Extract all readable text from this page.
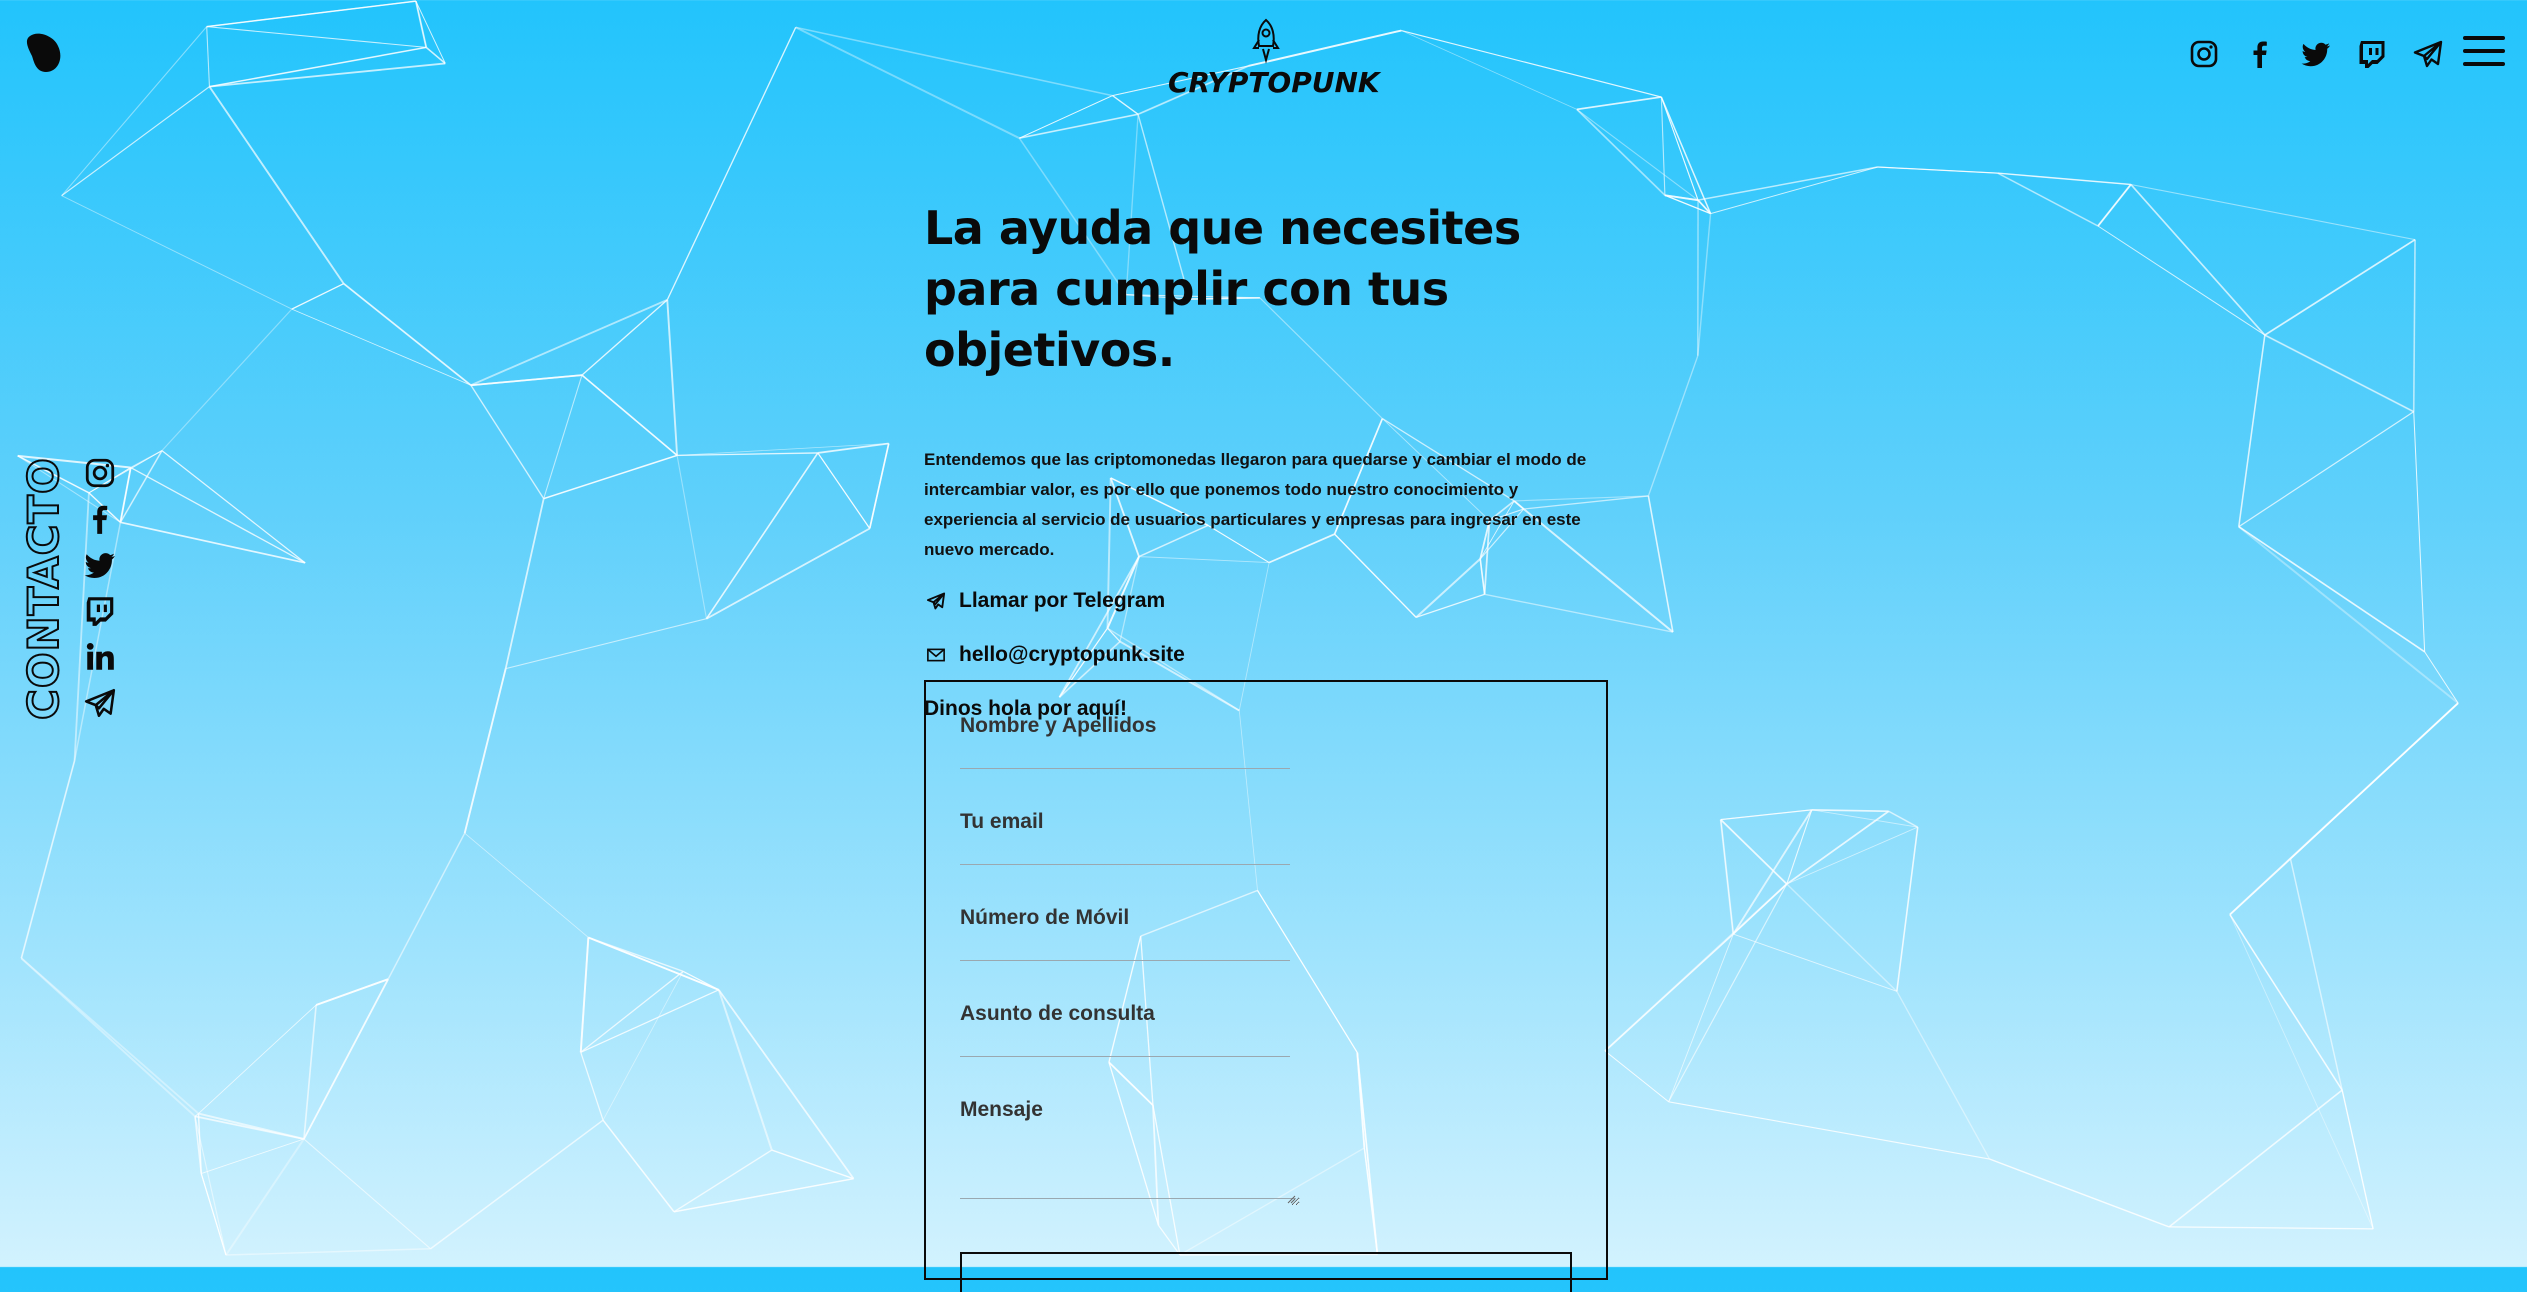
CRYPTOPUNK
CONTACTO
La ayuda que necesites para cumplir con tus objetivos.

Entendemos que las criptomonedas llegaron para quedarse y cambiar el modo de intercambiar valor, es por ello que ponemos todo nuestro conocimiento y experiencia al servicio de usuarios particulares y empresas para ingresar en este nuevo mercado.

Llamar por Telegram
hello@cryptopunk.site
Dinos hola por aquí!
Nombre y Apellidos
Tu email
Número de Móvil
Asunto de consulta
Mensaje
